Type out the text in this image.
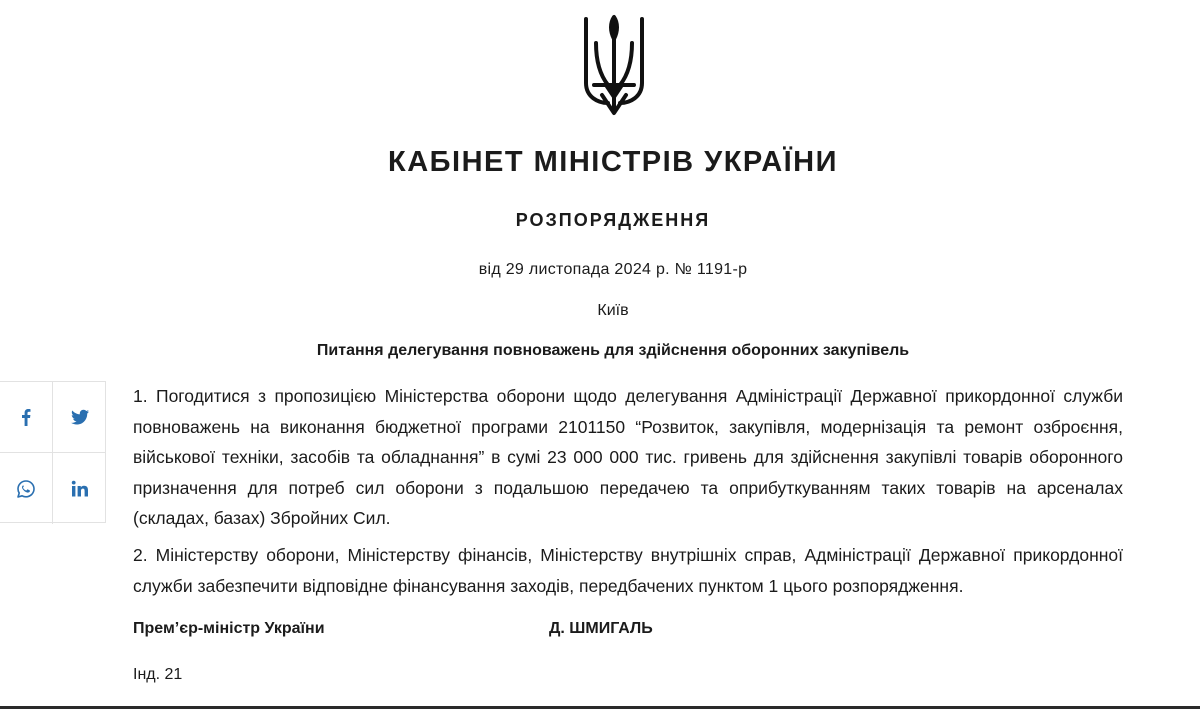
КАБІНЕТ МІНІСТРІВ УКРАЇНИ
РОЗПОРЯДЖЕННЯ
від 29 листопада 2024 р. № 1191-р
Київ
Питання делегування повноважень для здійснення оборонних закупівель

1. Погодитися з пропозицією Міністерства оборони щодо делегування Адміністрації Державної прикордонної служби повноважень на виконання бюджетної програми 2101150 “Розвиток, закупівля, модернізація та ремонт озброєння, військової техніки, засобів та обладнання” в сумі 23 000 000 тис. гривень для здійснення закупівлі товарів оборонного призначення для потреб сил оборони з подальшою передачею та оприбуткуванням таких товарів на арсеналах (складах, базах) Збройних Сил.

2. Міністерству оборони, Міністерству фінансів, Міністерству внутрішніх справ, Адміністрації Державної прикордонної служби забезпечити відповідне фінансування заходів, передбачених пунктом 1 цього розпорядження.

Прем’єр-міністр України	Д. ШМИГАЛЬ
Інд. 21
